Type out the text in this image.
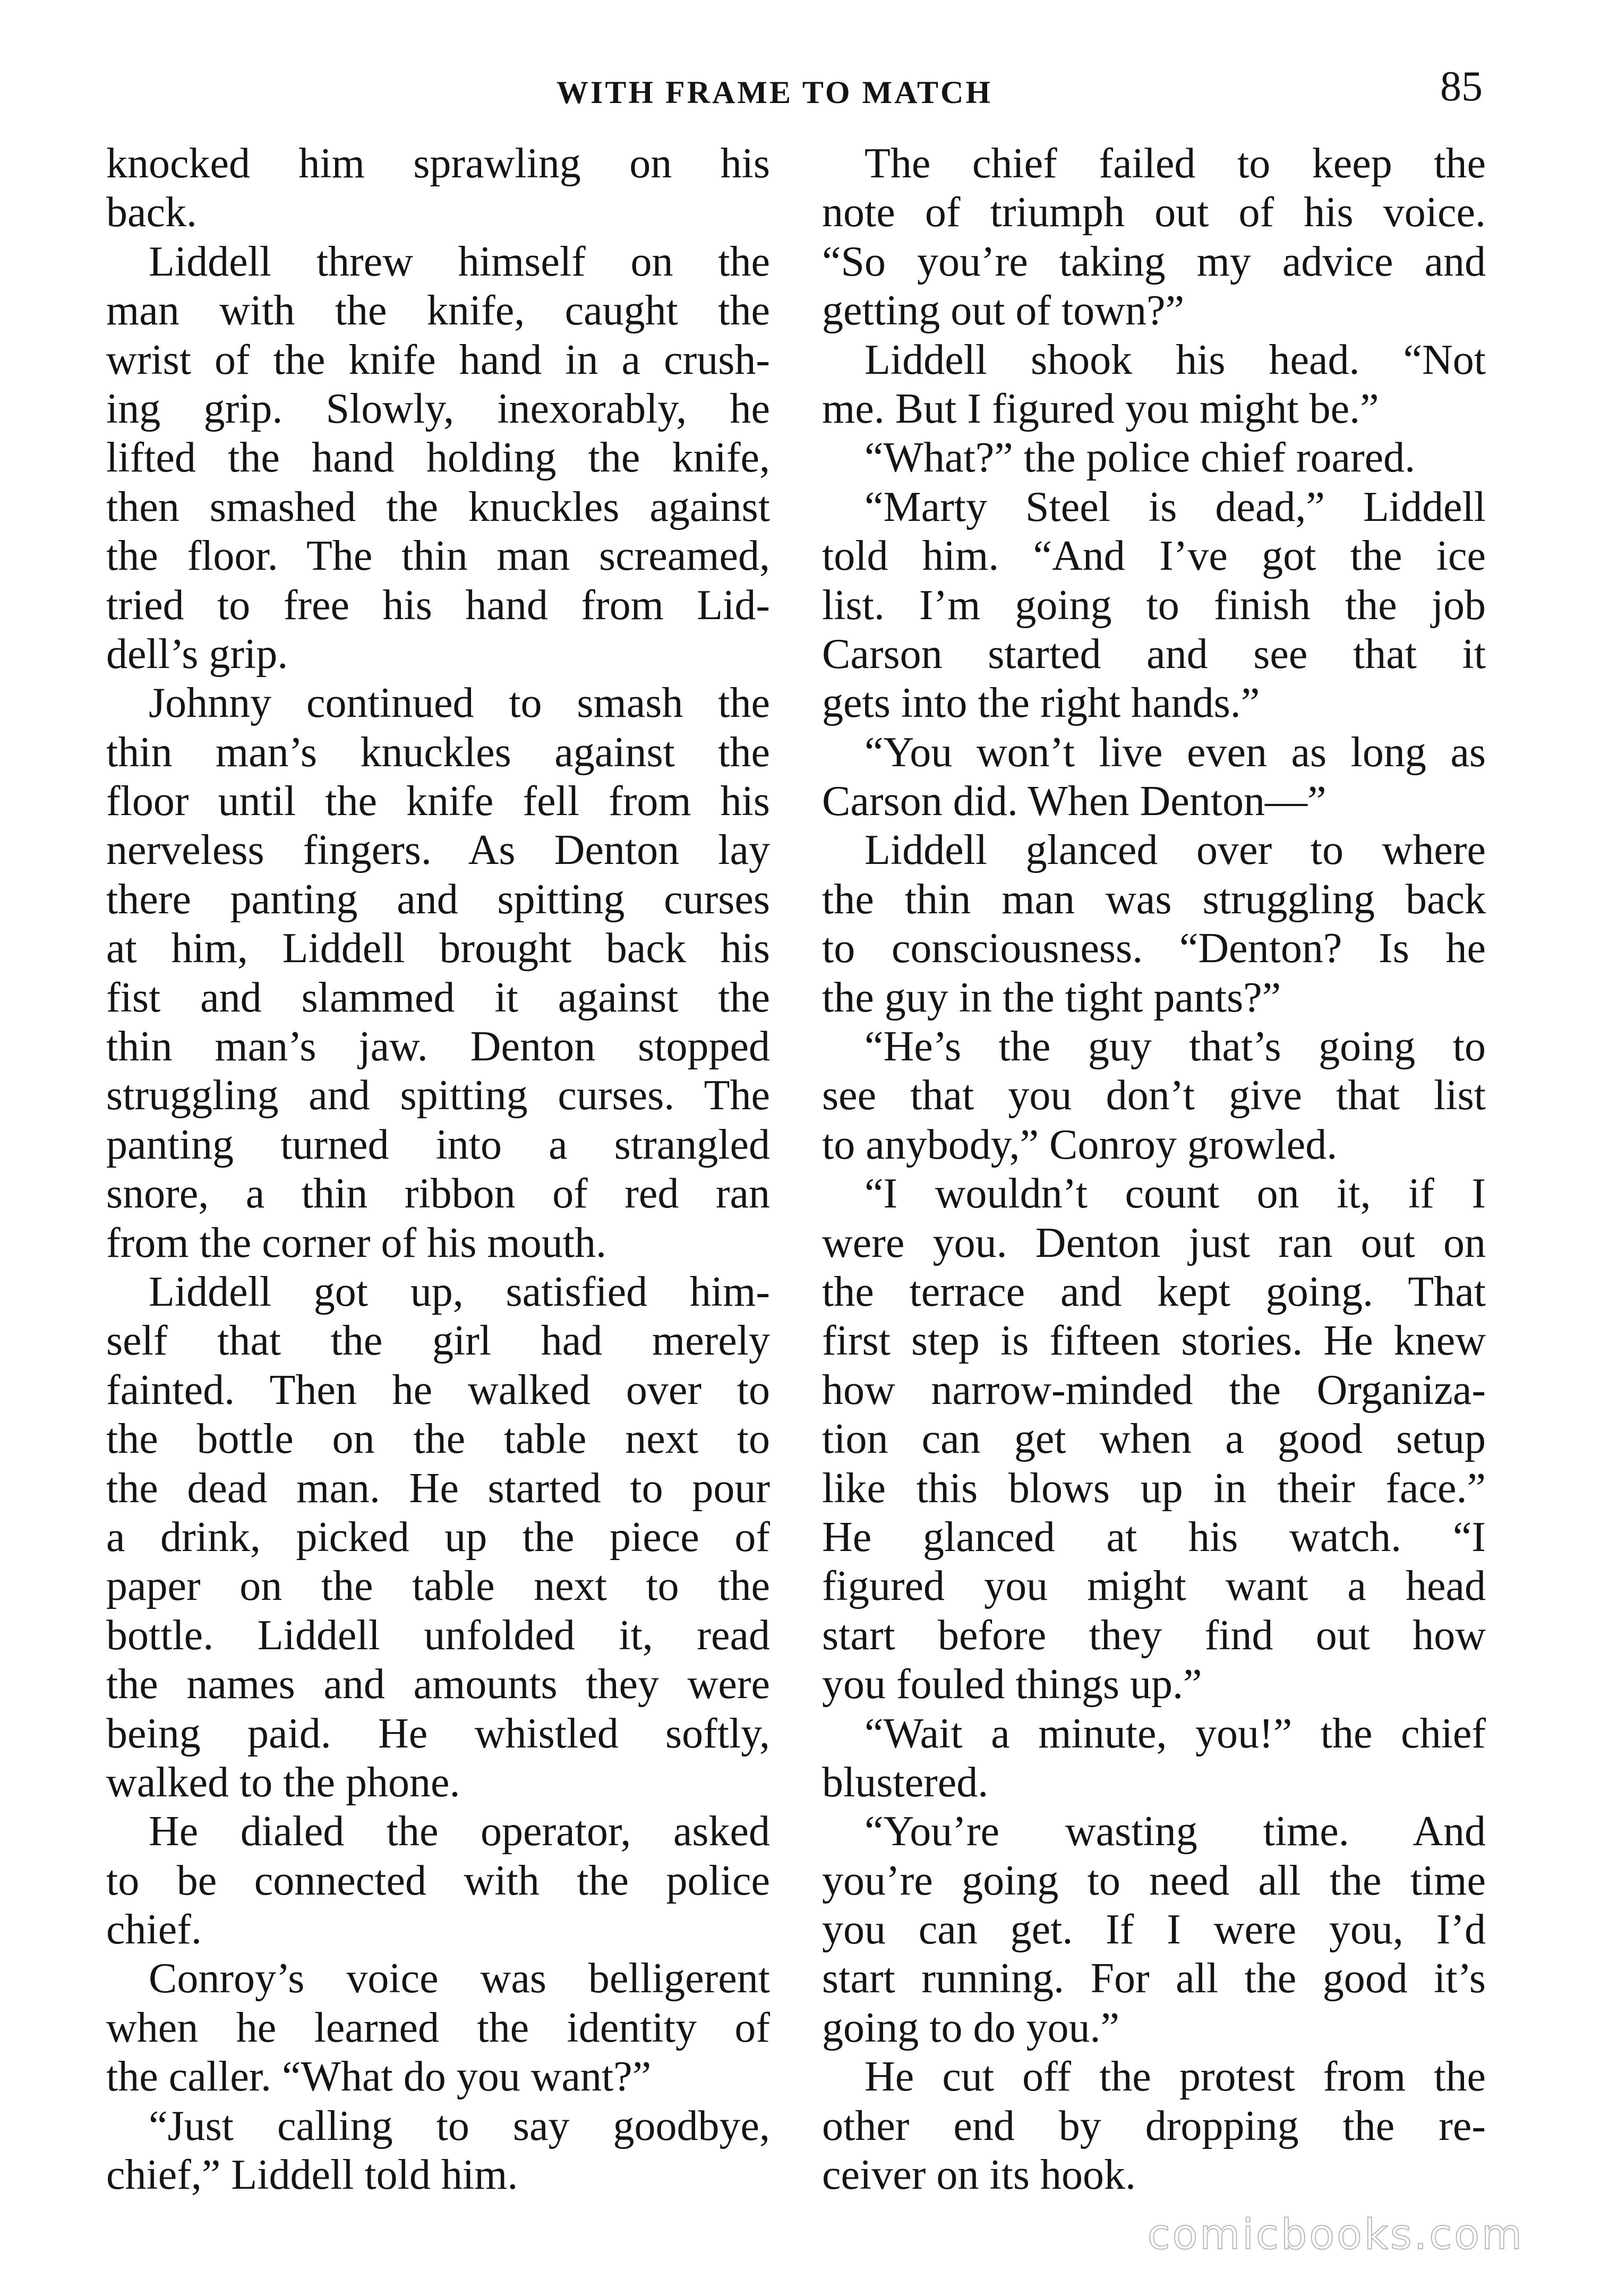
WITH FRAME TO MATCH	85
knocked him sprawling on his
back.
Liddell threw himself on the
man with the knife, caught the
wrist of the knife hand in a crush-
ing grip. Slowly, inexorably, he
lifted the hand holding the knife,
then smashed the knuckles against
the floor. The thin man screamed,
tried to free his hand from Lid-
dell’s grip.
Johnny continued to smash the
thin man’s knuckles against the
floor until the knife fell from his
nerveless fingers. As Denton lay
there panting and spitting curses
at him, Liddell brought back his
fist and slammed it against the
thin man’s jaw. Denton stopped
struggling and spitting curses. The
panting turned into a strangled
snore, a thin ribbon of red ran
from the corner of his mouth.
Liddell got up, satisfied him-
self that the girl had merely
fainted. Then he walked over to
the bottle on the table next to
the dead man. He started to pour
a drink, picked up the piece of
paper on the table next to the
bottle. Liddell unfolded it, read
the names and amounts they were
being paid. He whistled softly,
walked to the phone.
He dialed the operator, asked
to be connected with the police
chief.
Conroy’s voice was belligerent
when he learned the identity of
the caller. “What do you want?”
“Just calling to say goodbye,
chief,” Liddell told him.
The chief failed to keep the
note of triumph out of his voice.
“So you’re taking my advice and
getting out of town?”
Liddell shook his head. “Not
me. But I figured you might be.”
“What?” the police chief roared.
“Marty Steel is dead,” Liddell
told him. “And I’ve got the ice
list. I’m going to finish the job
Carson started and see that it
gets into the right hands.”
“You won’t live even as long as
Carson did. When Denton—”
Liddell glanced over to where
the thin man was struggling back
to consciousness. “Denton? Is he
the guy in the tight pants?”
“He’s the guy that’s going to
see that you don’t give that list
to anybody,” Conroy growled.
“I wouldn’t count on it, if I
were you. Denton just ran out on
the terrace and kept going. That
first step is fifteen stories. He knew
how narrow-minded the Organiza-
tion can get when a good setup
like this blows up in their face.”
He glanced at his watch. “I
figured you might want a head
start before they find out how
you fouled things up.”
“Wait a minute, you!” the chief
blustered.
“You’re wasting time. And
you’re going to need all the time
you can get. If I were you, I’d
start running. For all the good it’s
going to do you.”
He cut off the protest from the
other end by dropping the re-
ceiver on its hook.
comicbooks.com
